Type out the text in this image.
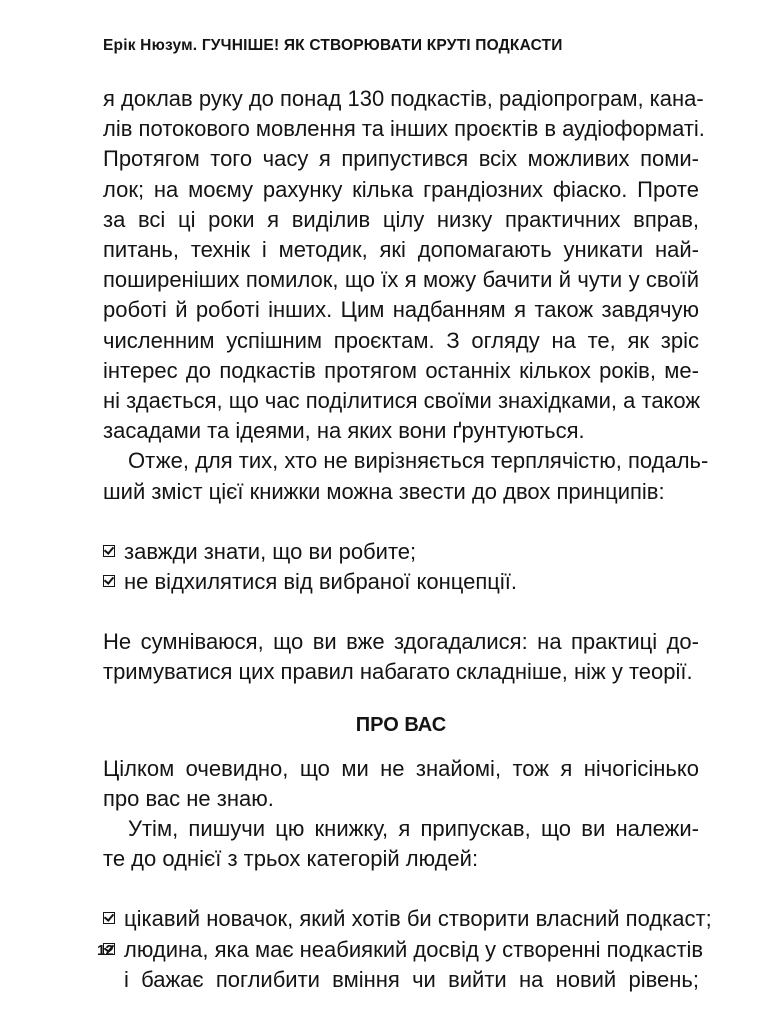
Ерік Нюзум. ГУЧНІШЕ! ЯК СТВОРЮВАТИ КРУТІ ПОДКАСТИ
я доклав руку до понад 130 подкастів, радіопрограм, кана-
лів потокового мовлення та інших проєктів в аудіоформаті.
Протягом того часу я припустився всіх можливих поми-
лок; на моєму рахунку кілька грандіозних фіаско. Проте
за всі ці роки я виділив цілу низку практичних вправ,
питань, технік і методик, які допомагають уникати най-
поширеніших помилок, що їх я можу бачити й чути у своїй
роботі й роботі інших. Цим надбанням я також завдячую
численним успішним проєктам. З огляду на те, як зріс
інтерес до подкастів протягом останніх кількох років, ме-
ні здається, що час поділитися своїми знахідками, а також
засадами та ідеями, на яких вони ґрунтуються.
Отже, для тих, хто не вирізняється терплячістю, подаль-
ший зміст цієї книжки можна звести до двох принципів:
завжди знати, що ви робите;
не відхилятися від вибраної концепції.
Не сумніваюся, що ви вже здогадалися: на практиці до-
тримуватися цих правил набагато складніше, ніж у теорії.
ПРО ВАС
Цілком очевидно, що ми не знайомі, тож я нічогісінько
про вас не знаю.
Утім, пишучи цю книжку, я припускав, що ви належи-
те до однієї з трьох категорій людей:
цікавий новачок, який хотів би створити власний подкаст;
людина, яка має неабиякий досвід у створенні подкастів
і бажає поглибити вміння чи вийти на новий рівень;
12
